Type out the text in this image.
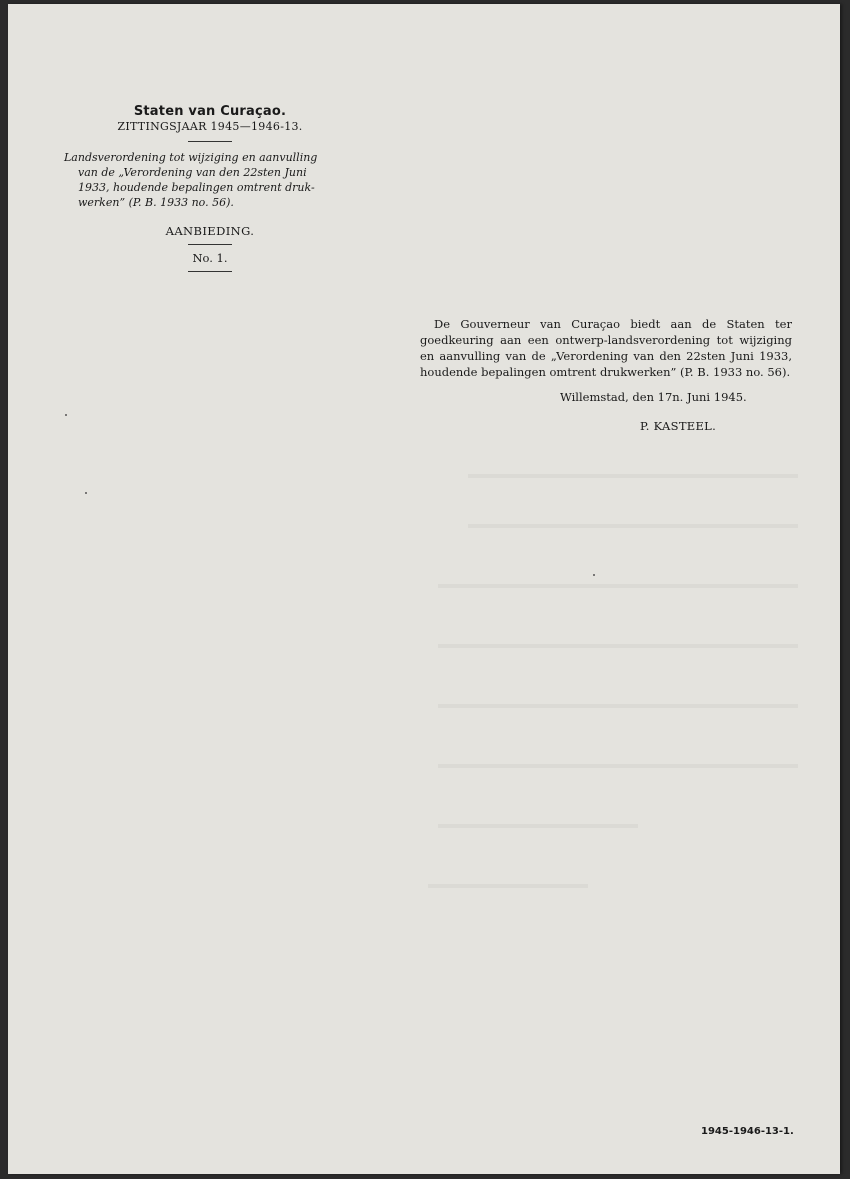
Staten van Curaçao.

ZITTINGSJAAR 1945—1946-13.

Landsverordening tot wijziging en aanvulling
van de „Verordening van den 22sten Juni
1933, houdende bepalingen omtrent druk-
werken” (P. B. 1933 no. 56).

AANBIEDING.

No. 1.

De Gouverneur van Curaçao biedt aan de Staten ter goedkeuring aan een ontwerp-landsverordening tot wijziging en aanvulling van de „Verordening van den 22sten Juni 1933, houdende bepalingen omtrent drukwerken” (P. B. 1933 no. 56).

Willemstad, den 17n. Juni 1945.
P. KASTEEL.
1945-1946-13-1.
